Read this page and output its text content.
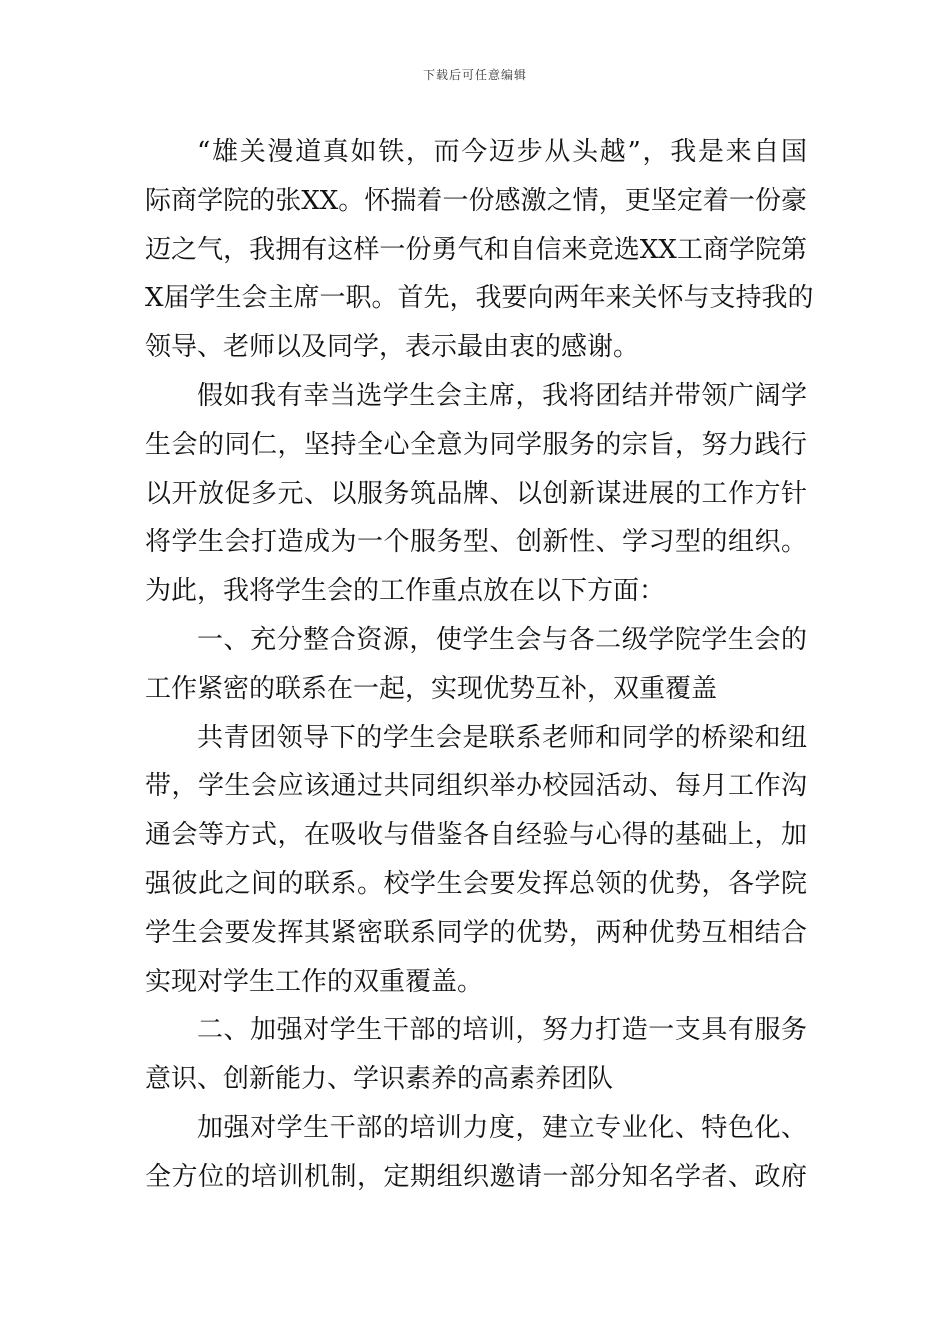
下载后可任意编辑
“雄关漫道真如铁，而今迈步从头越”，我是来自国
际商学院的张XX。怀揣着一份感激之情，更坚定着一份豪
迈之气，我拥有这样一份勇气和自信来竞选XX工商学院第
X届学生会主席一职。首先，我要向两年来关怀与支持我的
领导、老师以及同学，表示最由衷的感谢。
假如我有幸当选学生会主席，我将团结并带领广阔学
生会的同仁，坚持全心全意为同学服务的宗旨，努力践行
以开放促多元、以服务筑品牌、以创新谋进展的工作方针
将学生会打造成为一个服务型、创新性、学习型的组织。
为此，我将学生会的工作重点放在以下方面：
一、充分整合资源，使学生会与各二级学院学生会的
工作紧密的联系在一起，实现优势互补，双重覆盖
共青团领导下的学生会是联系老师和同学的桥梁和纽
带，学生会应该通过共同组织举办校园活动、每月工作沟
通会等方式，在吸收与借鉴各自经验与心得的基础上，加
强彼此之间的联系。校学生会要发挥总领的优势，各学院
学生会要发挥其紧密联系同学的优势，两种优势互相结合
实现对学生工作的双重覆盖。
二、加强对学生干部的培训，努力打造一支具有服务
意识、创新能力、学识素养的高素养团队
加强对学生干部的培训力度，建立专业化、特色化、
全方位的培训机制，定期组织邀请一部分知名学者、政府
